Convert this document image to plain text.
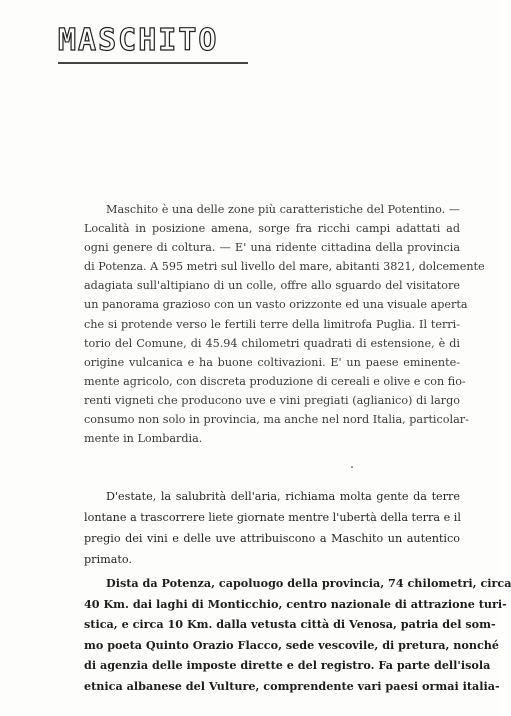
MASCHITO
Maschito è una delle zone più caratteristiche del Potentino. —
Località in posizione amena, sorge fra ricchi campi adattati ad
ogni genere di coltura. — E' una ridente cittadina della provincia
di Potenza. A 595 metri sul livello del mare, abitanti 3821, dolcemente
adagiata sull'altipiano di un colle, offre allo sguardo del visitatore
un panorama grazioso con un vasto orizzonte ed una visuale aperta
che si protende verso le fertili terre della limitrofa Puglia. Il terri-
torio del Comune, di 45.94 chilometri quadrati di estensione, è di
origine vulcanica e ha buone coltivazioni. E' un paese eminente-
mente agricolo, con discreta produzione di cereali e olive e con fio-
renti vigneti che producono uve e vini pregiati (aglianico) di largo
consumo non solo in provincia, ma anche nel nord Italia, particolar-
mente in Lombardia.
D'estate, la salubrità dell'aria, richiama molta gente da terre
lontane a trascorrere liete giornate mentre l'ubertà della terra e il
pregio dei vini e delle uve attribuiscono a Maschito un autentico
primato.
Dista da Potenza, capoluogo della provincia, 74 chilometri, circa
40 Km. dai laghi di Monticchio, centro nazionale di attrazione turi-
stica, e circa 10 Km. dalla vetusta città di Venosa, patria del som-
mo poeta Quinto Orazio Flacco, sede vescovile, di pretura, nonché
di agenzia delle imposte dirette e del registro. Fa parte dell'isola
etnica albanese del Vulture, comprendente vari paesi ormai italia-
